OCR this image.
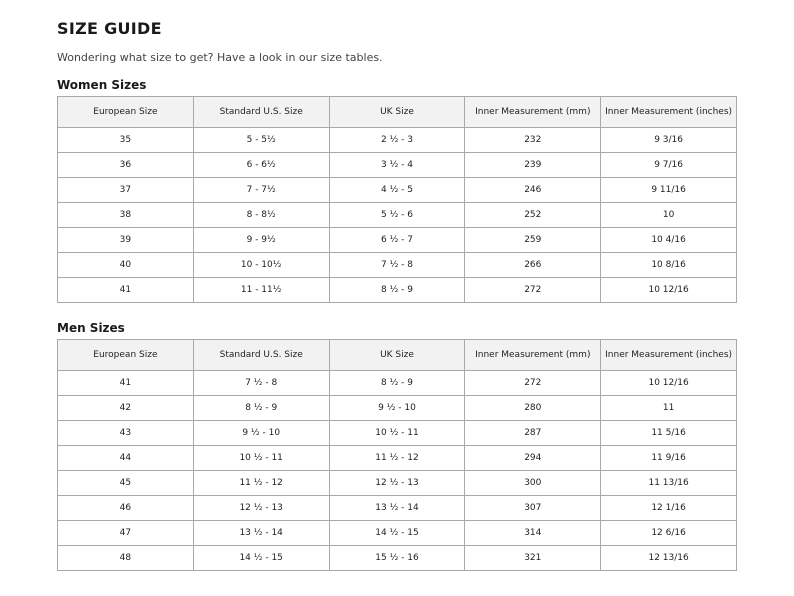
SIZE GUIDE
Wondering what size to get? Have a look in our size tables.
Women Sizes
European Size	Standard U.S. Size	UK Size	Inner Measurement (mm)	Inner Measurement (inches)
35	5 - 5½	2 ½ - 3	232	9 3/16
36	6 - 6½	3 ½ - 4	239	9 7/16
37	7 - 7½	4 ½ - 5	246	9 11/16
38	8 - 8½	5 ½ - 6	252	10
39	9 - 9½	6 ½ - 7	259	10 4/16
40	10 - 10½	7 ½ - 8	266	10 8/16
41	11 - 11½	8 ½ - 9	272	10 12/16
Men Sizes
European Size	Standard U.S. Size	UK Size	Inner Measurement (mm)	Inner Measurement (inches)
41	7 ½ - 8	8 ½ - 9	272	10 12/16
42	8 ½ - 9	9 ½ - 10	280	11
43	9 ½ - 10	10 ½ - 11	287	11 5/16
44	10 ½ - 11	11 ½ - 12	294	11 9/16
45	11 ½ - 12	12 ½ - 13	300	11 13/16
46	12 ½ - 13	13 ½ - 14	307	12 1/16
47	13 ½ - 14	14 ½ - 15	314	12 6/16
48	14 ½ - 15	15 ½ - 16	321	12 13/16
